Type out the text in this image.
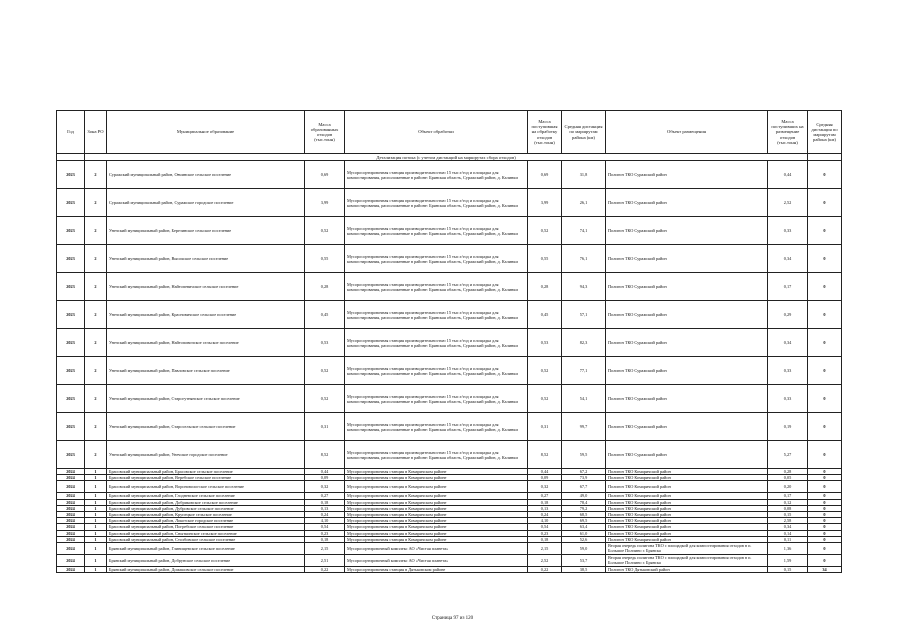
	Детализация потока (с учетом дистанций на маршрутах сбора отходов)								
Год	Зона РО	Муниципальное образование	Масса образованных отходов (тыс.тонн)	Объект обработки	Масса поступившая на обработку отходов (тыс.тонн)	Средняя дистанция по маршрутам района (км)	Объект размещения	Масса поступивших на размещение отходов (тыс.тонн)	Средняя дистанция по маршрутам района (км)
2023	2	Суражский муниципальный район, Овчинское сельское поселение	0,69	Мусоросортировочная станция производительностью 15 тыс.т/год и площадка для компостирования, расположенные в районе: Брянская область, Суражский район, д. Калинки	0,69	31,8	Полигон ТКО Суражский район	0,44	0
2023	2	Суражский муниципальный район, Суражское городское поселение	3,99	Мусоросортировочная станция производительностью 15 тыс.т/год и площадка для компостирования, расположенные в районе: Брянская область, Суражский район, д. Калинки	3,99	26,1	Полигон ТКО Суражский район	2,52	0
2023	2	Унечский муниципальный район, Березинское сельское поселение	0,52	Мусоросортировочная станция производительностью 15 тыс.т/год и площадка для компостирования, расположенные в районе: Брянская область, Суражский район, д. Калинки	0,52	74,1	Полигон ТКО Суражский район	0,33	0
2023	2	Унечский муниципальный район, Высокское сельское поселение	0,55	Мусоросортировочная станция производительностью 15 тыс.т/год и площадка для компостирования, расположенные в районе: Брянская область, Суражский район, д. Калинки	0,55	76,1	Полигон ТКО Суражский район	0,34	0
2023	2	Унечский муниципальный район, Найтопевичское сельское поселение	0,28	Мусоросортировочная станция производительностью 15 тыс.т/год и площадка для компостирования, расположенные в районе: Брянская область, Суражский район, д. Калинки	0,28	94,3	Полигон ТКО Суражский район	0,17	0
2023	2	Унечский муниципальный район, Красновичское сельское поселение	0,45	Мусоросортировочная станция производительностью 15 тыс.т/год и площадка для компостирования, расположенные в районе: Брянская область, Суражский район, д. Калинки	0,45	57,1	Полигон ТКО Суражский район	0,29	0
2023	2	Унечский муниципальный район, Найтоповичское сельское поселение	0,53	Мусоросортировочная станция производительностью 15 тыс.т/год и площадка для компостирования, расположенные в районе: Брянская область, Суражский район, д. Калинки	0,53	82,3	Полигон ТКО Суражский район	0,34	0
2023	2	Унечский муниципальный район, Павловское сельское поселение	0,52	Мусоросортировочная станция производительностью 15 тыс.т/год и площадка для компостирования, расположенные в районе: Брянская область, Суражский район, д. Калинки	0,52	77,1	Полигон ТКО Суражский район	0,33	0
2023	2	Унечский муниципальный район, Старогутнянское сельское поселение	0,52	Мусоросортировочная станция производительностью 15 тыс.т/год и площадка для компостирования, расположенные в районе: Брянская область, Суражский район, д. Калинки	0,52	54,1	Полигон ТКО Суражский район	0,33	0
2023	2	Унечский муниципальный район, Старосельское сельское поселение	0,31	Мусоросортировочная станция производительностью 15 тыс.т/год и площадка для компостирования, расположенные в районе: Брянская область, Суражский район, д. Калинки	0,31	99,7	Полигон ТКО Суражский район	0,19	0
2023	2	Унечский муниципальный район, Унечское городское поселение	8,52	Мусоросортировочная станция производительностью 15 тыс.т/год и площадка для компостирования, расположенные в районе: Брянская область, Суражский район, д. Калинки	8,52	59,5	Полигон ТКО Суражский район	5,27	0
2024	1	Брасовский муниципальный район, Брасовское сельское поселение	0,44	Мусоросортировочная станция в Комаричском районе	0,44	67,2	Полигон ТКО Комаричский район	0,28	0
2024	1	Брасовский муниципальный район, Веребское сельское поселение	0,09	Мусоросортировочная станция в Комаричском районе	0,09	73,9	Полигон ТКО Комаричский район	0,05	0
2024	1	Брасовский муниципальный район, Вороновологское сельское поселение	0,32	Мусоросортировочная станция в Комаричском районе	0,32	67,7	Полигон ТКО Комаричский район	0,20	0
2024	1	Брасовский муниципальный район, Глодневское сельское поселение	0,27	Мусоросортировочная станция в Комаричском районе	0,27	49,0	Полигон ТКО Комаричский район	0,17	0
2024	1	Брасовский муниципальный район, Добриковское сельское поселение	0,18	Мусоросортировочная станция в Комаричском районе	0,18	78,4	Полигон ТКО Комаричский район	0,12	0
2024	1	Брасовский муниципальный район, Дубровское сельское поселение	0,13	Мусоросортировочная станция в Комаричском районе	0,13	79,2	Полигон ТКО Комаричский район	0,08	0
2024	1	Брасовский муниципальный район, Крупецкое сельское поселение	0,24	Мусоросортировочная станция в Комаричском районе	0,24	68,5	Полигон ТКО Комаричский район	0,15	0
2024	1	Брасовский муниципальный район, Локотское городское поселение	4,10	Мусоросортировочная станция в Комаричском районе	4,10	69,5	Полигон ТКО Комаричский район	2,58	0
2024	1	Брасовский муниципальный район, Погребское сельское поселение	0,54	Мусоросортировочная станция в Комаричском районе	0,54	63,4	Полигон ТКО Комаричский район	0,34	0
2024	1	Брасовский муниципальный район, Сныткинское сельское поселение	0,23	Мусоросортировочная станция в Комаричском районе	0,23	61,0	Полигон ТКО Комаричский район	0,14	0
2024	1	Брасовский муниципальный район, Столбовское сельское поселение	0,18	Мусоросортировочная станция в Комаричском районе	0,18	52,6	Полигон ТКО Комаричский район	0,11	0
2024	1	Брянский муниципальный район, Глинищевское сельское поселение	2,15	Мусоросортировочный комплекс АО «Чистая планета»	2,15	59,0	Вторая очередь полигона ТКО с площадкой для компостирования отходов в п. Большое Полпино г. Брянска	1,36	0
2024	1	Брянский муниципальный район, Добрунское сельское поселение	2,51	Мусоросортировочный комплекс АО «Чистая планета»	2,52	53,7	Вторая очередь полигона ТКО с площадкой для компостирования отходов в п. Большое Полпино г. Брянска	1,59	0
2024	1	Брянский муниципальный район, Домашовское сельское поселение	0,22	Мусоросортировочная станция в Дятьковском районе	0,22	38,5	Полигон ТКО Дятьковский район	0,15	34
Страница 97 из 120
